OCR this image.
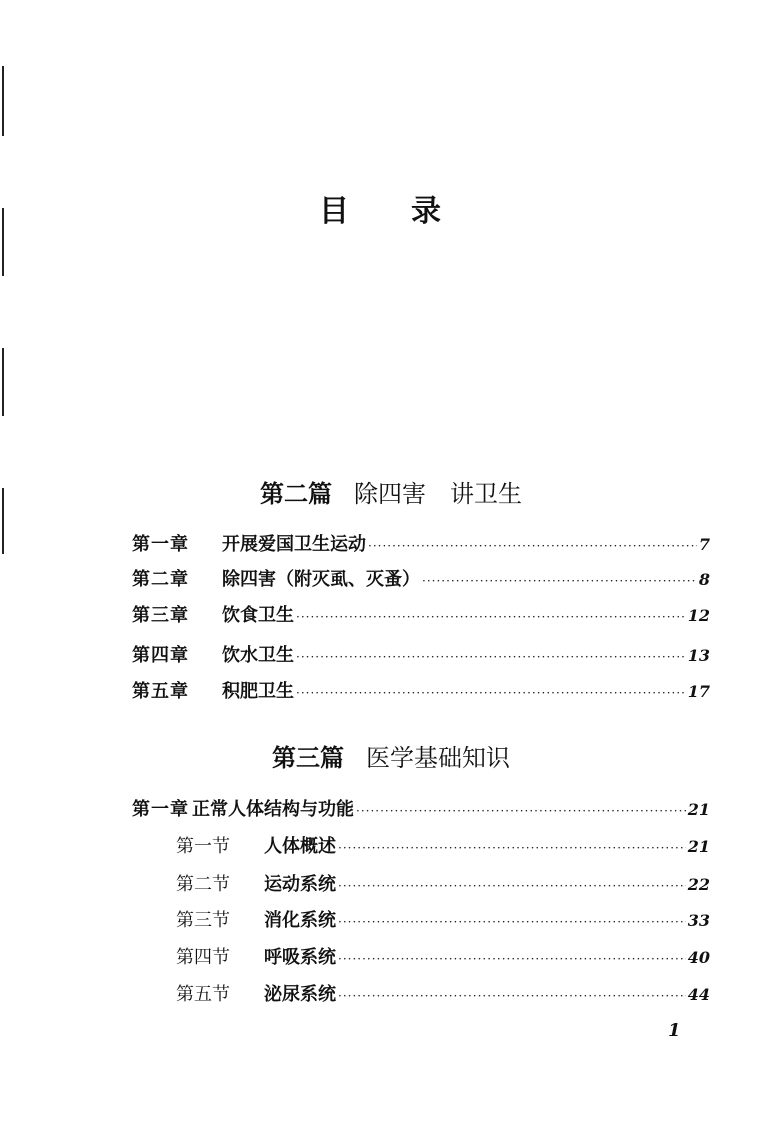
目录
第二篇 除四害　讲卫生
第一章	开展爱国卫生运动 ·····	7
第二章	除四害（附灭虱、灭蚤） ·····	8
第三章	饮食卫生 ·····	12
第四章	饮水卫生 ·····	13
第五章	积肥卫生 ·····	17
第三篇 医学基础知识
第一章 正常人体结构与功能 ·····	21
第一节	人体概述 ·····	21
第二节	运动系统 ·····	22
第三节	消化系统 ·····	33
第四节	呼吸系统 ·····	40
第五节	泌尿系统 ·····	44
1
